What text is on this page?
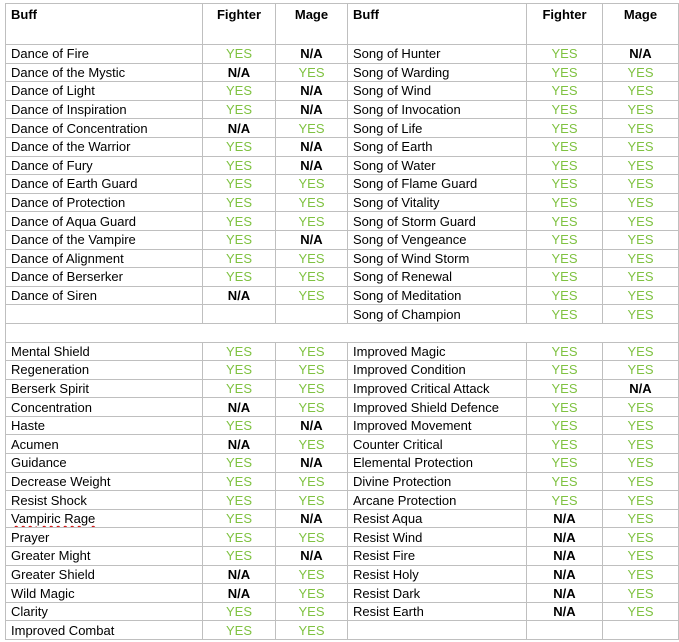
Buff	Fighter	Mage	Buff	Fighter	Mage
Dance of Fire	YES	N/A	Song of Hunter	YES	N/A
Dance of the Mystic	N/A	YES	Song of Warding	YES	YES
Dance of Light	YES	N/A	Song of Wind	YES	YES
Dance of Inspiration	YES	N/A	Song of Invocation	YES	YES
Dance of Concentration	N/A	YES	Song of Life	YES	YES
Dance of the Warrior	YES	N/A	Song of Earth	YES	YES
Dance of Fury	YES	N/A	Song of Water	YES	YES
Dance of Earth Guard	YES	YES	Song of Flame Guard	YES	YES
Dance of Protection	YES	YES	Song of Vitality	YES	YES
Dance of Aqua Guard	YES	YES	Song of Storm Guard	YES	YES
Dance of the Vampire	YES	N/A	Song of Vengeance	YES	YES
Dance of Alignment	YES	YES	Song of Wind Storm	YES	YES
Dance of Berserker	YES	YES	Song of Renewal	YES	YES
Dance of Siren	N/A	YES	Song of Meditation	YES	YES
			Song of Champion	YES	YES

Mental Shield	YES	YES	Improved Magic	YES	YES
Regeneration	YES	YES	Improved Condition	YES	YES
Berserk Spirit	YES	YES	Improved Critical Attack	YES	N/A
Concentration	N/A	YES	Improved Shield Defence	YES	YES
Haste	YES	N/A	Improved Movement	YES	YES
Acumen	N/A	YES	Counter Critical	YES	YES
Guidance	YES	N/A	Elemental Protection	YES	YES
Decrease Weight	YES	YES	Divine Protection	YES	YES
Resist Shock	YES	YES	Arcane Protection	YES	YES
Vampiric Rage	YES	N/A	Resist Aqua	N/A	YES
Prayer	YES	YES	Resist Wind	N/A	YES
Greater Might	YES	N/A	Resist Fire	N/A	YES
Greater Shield	N/A	YES	Resist Holy	N/A	YES
Wild Magic	N/A	YES	Resist Dark	N/A	YES
Clarity	YES	YES	Resist Earth	N/A	YES
Improved Combat	YES	YES			
